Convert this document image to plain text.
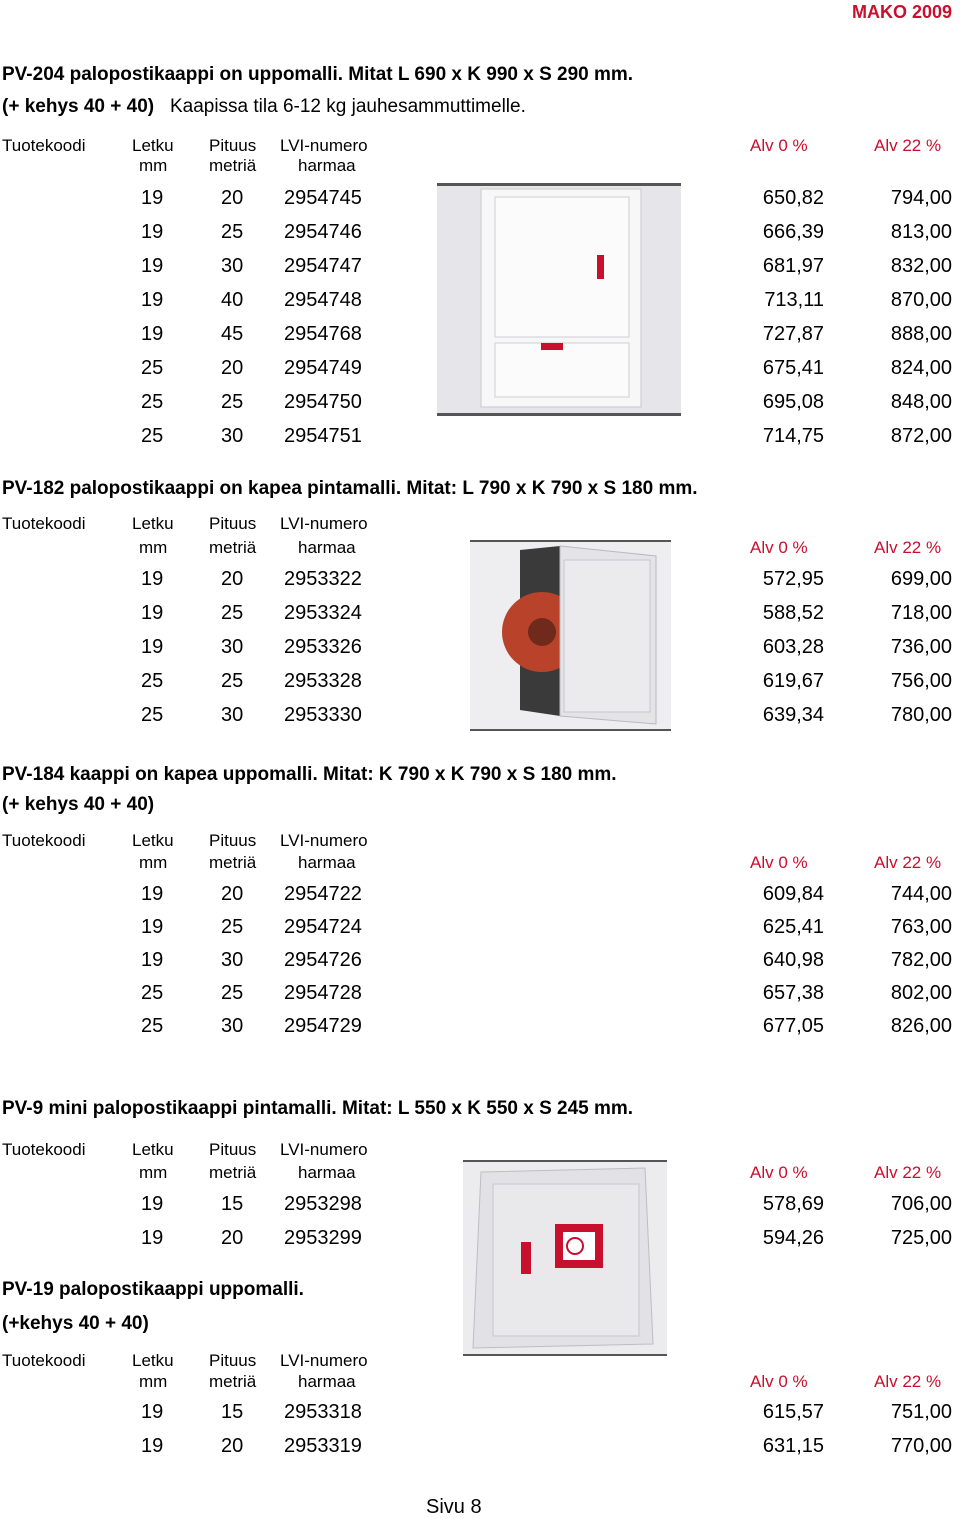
MAKO 2009
PV-204 palopostikaappi on uppomalli. Mitat L 690 x K 990 x S 290 mm.
(+ kehys 40 + 40) Kaapissa tila 6-12 kg jauhesammuttimelle.
Tuotekoodi	Letku Pituus LVI-numero	Alv 0 %	Alv 22 %
mm metriä harmaa
19	20 2954745	650,82	794,00
19	25 2954746	666,39	813,00
19	30 2954747	681,97	832,00
19	40 2954748	713,11	870,00
19	45 2954768	727,87	888,00
25	20 2954749	675,41	824,00
25	25 2954750	695,08	848,00
25	30 2954751	714,75	872,00
PV-182 palopostikaappi on kapea pintamalli. Mitat: L 790 x K 790 x S 180 mm.
Tuotekoodi	Letku Pituus LVI-numero
mm metriä harmaa	Alv 0 %	Alv 22 %
19	20 2953322	572,95	699,00
19	25 2953324	588,52	718,00
19	30 2953326	603,28	736,00
25	25 2953328	619,67	756,00
25	30 2953330	639,34	780,00
PV-184 kaappi on kapea uppomalli. Mitat: K 790 x K 790 x S 180 mm.
(+ kehys 40 + 40)
Tuotekoodi	Letku Pituus LVI-numero
mm metriä harmaa	Alv 0 %	Alv 22 %
19	20 2954722	609,84	744,00
19	25 2954724	625,41	763,00
19	30 2954726	640,98	782,00
25	25 2954728	657,38	802,00
25	30 2954729	677,05	826,00
PV-9 mini palopostikaappi pintamalli. Mitat: L 550 x K 550 x S 245 mm.
Tuotekoodi	Letku Pituus LVI-numero
mm metriä harmaa	Alv 0 %	Alv 22 %
19	15 2953298	578,69	706,00
19	20 2953299	594,26	725,00
PV-19 palopostikaappi uppomalli.
(+kehys 40 + 40)
Tuotekoodi	Letku Pituus LVI-numero
mm metriä harmaa	Alv 0 %	Alv 22 %
19	15 2953318	615,57	751,00
19	20 2953319	631,15	770,00
Sivu 8
